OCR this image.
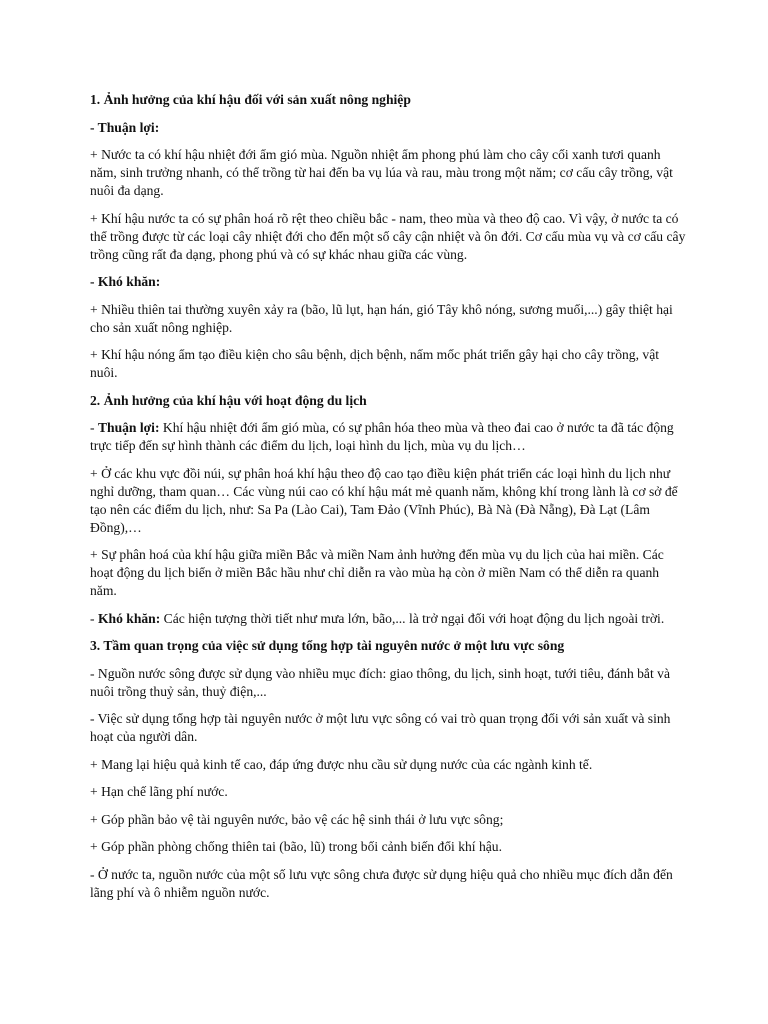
1. Ảnh hưởng của khí hậu đối với sản xuất nông nghiệp

- Thuận lợi:

+ Nước ta có khí hậu nhiệt đới ẩm gió mùa. Nguồn nhiệt ẩm phong phú làm cho cây cối xanh tươi quanh năm, sinh trưởng nhanh, có thể trồng từ hai đến ba vụ lúa và rau, màu trong một năm; cơ cấu cây trồng, vật nuôi đa dạng.

+ Khí hậu nước ta có sự phân hoá rõ rệt theo chiều bắc - nam, theo mùa và theo độ cao. Vì vậy, ở nước ta có thể trồng được từ các loại cây nhiệt đới cho đến một số cây cận nhiệt và ôn đới. Cơ cấu mùa vụ và cơ cấu cây trồng cũng rất đa dạng, phong phú và có sự khác nhau giữa các vùng.

- Khó khăn:

+ Nhiều thiên tai thường xuyên xảy ra (bão, lũ lụt, hạn hán, gió Tây khô nóng, sương muối,...) gây thiệt hại cho sản xuất nông nghiệp.

+ Khí hậu nóng ẩm tạo điều kiện cho sâu bệnh, dịch bệnh, nấm mốc phát triển gây hại cho cây trồng, vật nuôi.

2. Ảnh hưởng của khí hậu với hoạt động du lịch

- Thuận lợi: Khí hậu nhiệt đới ẩm gió mùa, có sự phân hóa theo mùa và theo đai cao ở nước ta đã tác động trực tiếp đến sự hình thành các điểm du lịch, loại hình du lịch, mùa vụ du lịch…

+ Ở các khu vực đồi núi, sự phân hoá khí hậu theo độ cao tạo điều kiện phát triển các loại hình du lịch như nghỉ dưỡng, tham quan… Các vùng núi cao có khí hậu mát mẻ quanh năm, không khí trong lành là cơ sở để tạo nên các điểm du lịch, như: Sa Pa (Lào Cai), Tam Đảo (Vĩnh Phúc), Bà Nà (Đà Nẵng), Đà Lạt (Lâm Đồng),…

+ Sự phân hoá của khí hậu giữa miền Bắc và miền Nam ảnh hưởng đến mùa vụ du lịch của hai miền. Các hoạt động du lịch biển ở miền Bắc hầu như chỉ diễn ra vào mùa hạ còn ở miền Nam có thể diễn ra quanh năm.

- Khó khăn: Các hiện tượng thời tiết như mưa lớn, bão,... là trở ngại đối với hoạt động du lịch ngoài trời.

3. Tầm quan trọng của việc sử dụng tổng hợp tài nguyên nước ở một lưu vực sông

- Nguồn nước sông được sử dụng vào nhiều mục đích: giao thông, du lịch, sinh hoạt, tưới tiêu, đánh bắt và nuôi trồng thuỷ sản, thuỷ điện,...

- Việc sử dụng tổng hợp tài nguyên nước ở một lưu vực sông có vai trò quan trọng đối với sản xuất và sinh hoạt của người dân.

+ Mang lại hiệu quả kinh tế cao, đáp ứng được nhu cầu sử dụng nước của các ngành kinh tế.

+ Hạn chế lãng phí nước.

+ Góp phần bảo vệ tài nguyên nước, bảo vệ các hệ sinh thái ở lưu vực sông;

+ Góp phần phòng chống thiên tai (bão, lũ) trong bối cảnh biến đổi khí hậu.

- Ở nước ta, nguồn nước của một số lưu vực sông chưa được sử dụng hiệu quả cho nhiều mục đích dẫn đến lãng phí và ô nhiễm nguồn nước.
